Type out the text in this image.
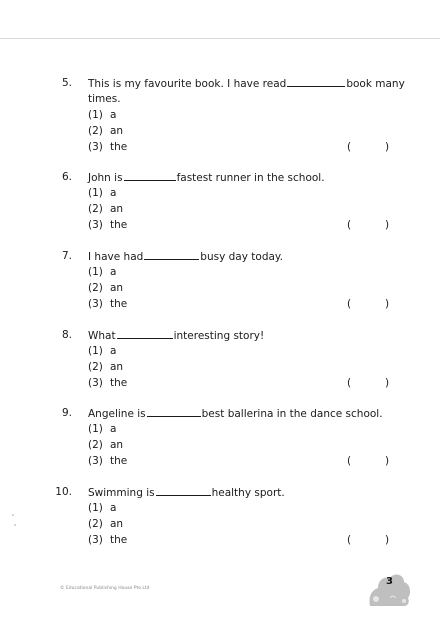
5. This is my favourite book. I have read	book many
times.
(1) a
(2) an
(3) the	(	)
6. John is	fastest runner in the school.
(1) a
(2) an
(3) the	(	)
7. I have had	busy day today.
(1) a
(2) an
(3) the	(	)
8. What	interesting story!
(1) a
(2) an
(3) the	(	)
9. Angeline is	best ballerina in the dance school.
(1) a
(2) an
(3) the	(	)
10. Swimming is	healthy sport.
(1) a
(2) an
(3) the	(	)
© Educational Publishing House Pte Ltd
3
